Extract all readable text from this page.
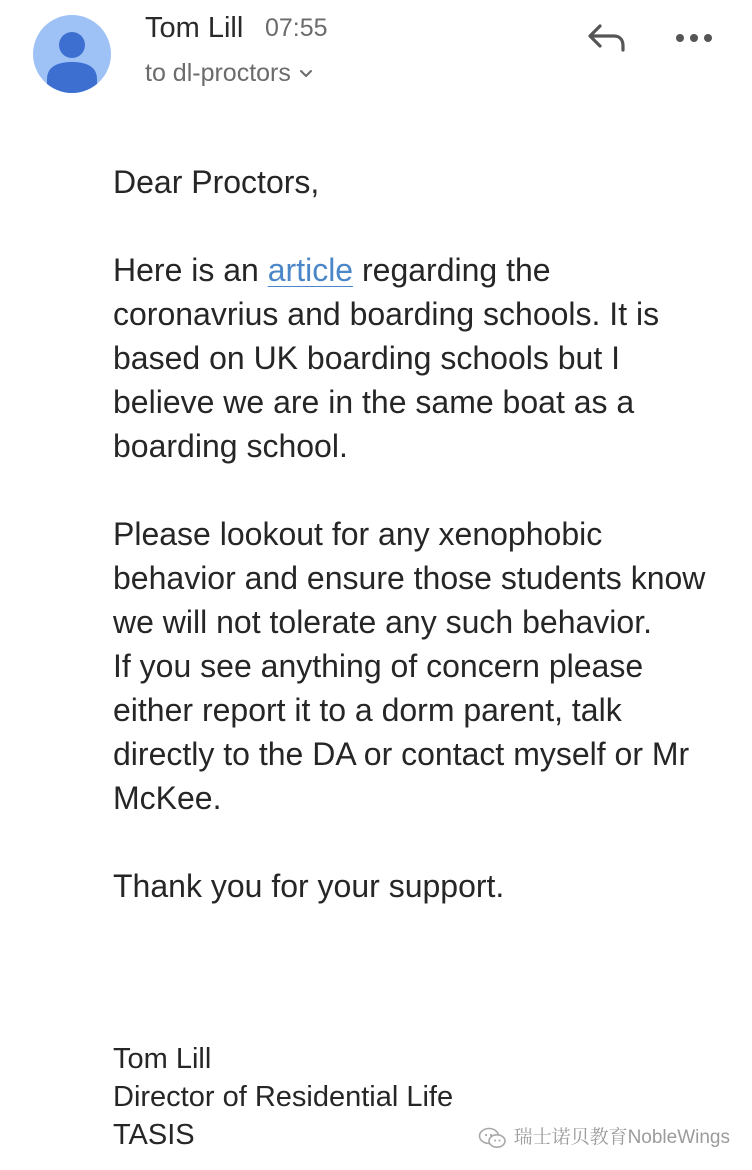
Tom Lill 07:55
to dl-proctors

Dear Proctors,

Here is an article regarding the coronavrius and boarding schools. It is based on UK boarding schools but I believe we are in the same boat as a boarding school.

Please lookout for any xenophobic behavior and ensure those students know we will not tolerate any such behavior.

If you see anything of concern please either report it to a dorm parent, talk directly to the DA or contact myself or Mr McKee.

Thank you for your support.

Tom Lill
Director of Residential Life
TASIS	瑞士诺贝教育NobleWings
